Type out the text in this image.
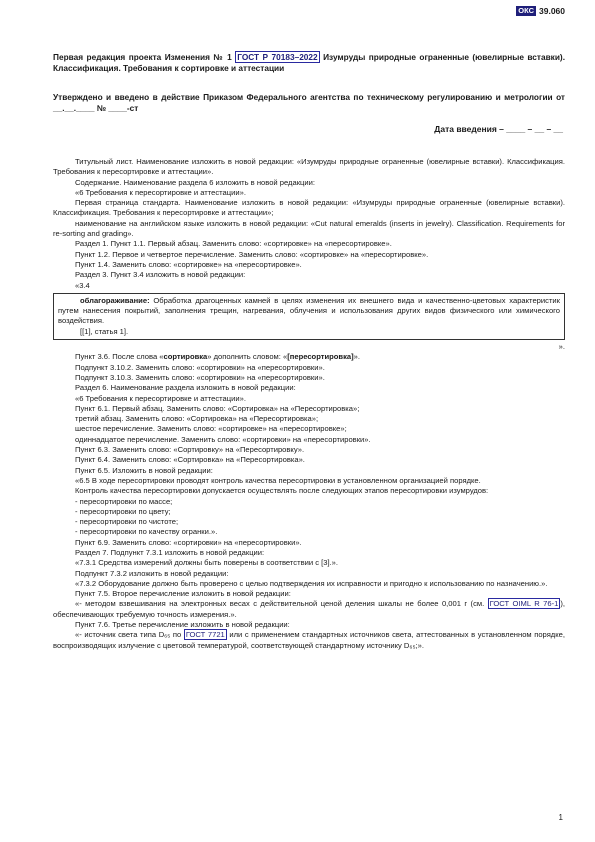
ОКС 39.060
Первая редакция проекта Изменения № 1 ГОСТ Р 70183–2022 Изумруды природные ограненные (ювелирные вставки). Классификация. Требования к сортировке и аттестации
Утверждено и введено в действие Приказом Федерального агентства по техническому регулированию и метрологии от __.__.____ № ____-ст
Дата введения – ____ – __ – __

Титульный лист. Наименование изложить в новой редакции: «Изумруды природные ограненные (ювелирные вставки). Классификация. Требования к пересортировке и аттестации».

Содержание. Наименование раздела 6 изложить в новой редакции:

«6 Требования к пересортировке и аттестации».

Первая страница стандарта. Наименование изложить в новой редакции: «Изумруды природные ограненные (ювелирные вставки). Классификация. Требования к пересортировке и аттестации»;

наименование на английском языке изложить в новой редакции: «Cut natural emeralds (inserts in jewelry). Classification. Requirements for re-sorting and grading».

Раздел 1. Пункт 1.1. Первый абзац. Заменить слово: «сортировке» на «пересортировке».

Пункт 1.2. Первое и четвертое перечисление. Заменить слово: «сортировке» на «пересортировке».

Пункт 1.4. Заменить слово: «сортировке» на «пересортировке».

Раздел 3. Пункт 3.4 изложить в новой редакции:

«3.4

облагораживание: Обработка драгоценных камней в целях изменения их внешнего вида и качественно-цветовых характеристик путем нанесения покрытий, заполнения трещин, нагревания, облучения и использования других видов физического или химического воздействия.

[[1], статья 1].

».

Пункт 3.6. После слова «сортировка» дополнить словом: «[пересортировка]».

Подпункт 3.10.2. Заменить слово: «сортировки» на «пересортировки».

Подпункт 3.10.3. Заменить слово: «сортировки» на «пересортировки».

Раздел 6. Наименование раздела изложить в новой редакции:

«6 Требования к пересортировке и аттестации».

Пункт 6.1. Первый абзац. Заменить слово: «Сортировка» на «Пересортировка»;

третий абзац. Заменить слово: «Сортировка» на «Пересортировка»;

шестое перечисление. Заменить слово: «сортировке» на «пересортировке»;

одиннадцатое перечисление. Заменить слово: «сортировки» на «пересортировки».

Пункт 6.3. Заменить слово: «Сортировку» на «Пересортировку».

Пункт 6.4. Заменить слово: «Сортировка» на «Пересортировка».

Пункт 6.5. Изложить в новой редакции:

«6.5 В ходе пересортировки проводят контроль качества пересортировки в установленном организацией порядке.

Контроль качества пересортировки допускается осуществлять после следующих этапов пересортировки изумрудов:

- пересортировки по массе;

- пересортировки по цвету;

- пересортировки по чистоте;

- пересортировки по качеству огранки.».

Пункт 6.9. Заменить слово: «сортировки» на «пересортировки».

Раздел 7. Подпункт 7.3.1 изложить в новой редакции:

«7.3.1 Средства измерений должны быть поверены в соответствии с [3].».

Подпункт 7.3.2 изложить в новой редакции:

«7.3.2 Оборудование должно быть проверено с целью подтверждения их исправности и пригодно к использованию по назначению.».

Пункт 7.5. Второе перечисление изложить в новой редакции:

«- методом взвешивания на электронных весах с действительной ценой деления шкалы не более 0,001 г (см. ГОСТ OIML R 76-1 ), обеспечивающих требуемую точность измерения.».

Пункт 7.6. Третье перечисление изложить в новой редакции:

«- источник света типа D₆₅ по ГОСТ 7721 или с применением стандартных источников света, аттестованных в установленном порядке, воспроизводящих излучение с цветовой температурой, соответствующей стандартному источнику D₆₅;».

1
